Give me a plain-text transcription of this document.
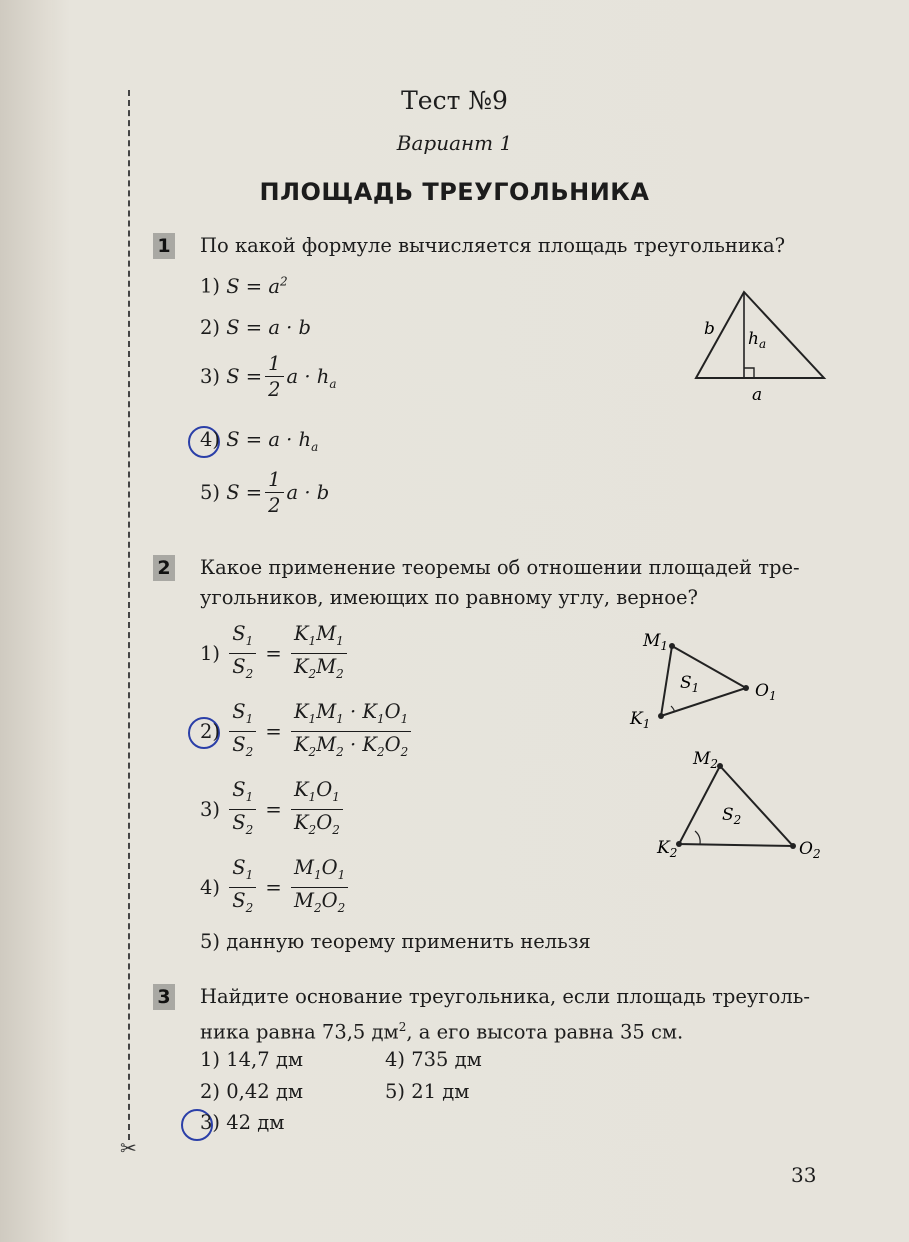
✂
Тест №9
Вариант 1
ПЛОЩАДЬ ТРЕУГОЛЬНИКА
1 По какой формуле вычисляется площадь треугольника?
1) $S = a^2$
2) S = a · b
3) $S = \frac{1}{2}$ $a \cdot h_a$
4) $S = a \cdot h_a$
5) $S = \frac{1}{2}$ a · b
b $h_a$
a
2 Какое применение теоремы об отношении площадей тре-
угольников, имеющих по равному углу, верное?
$1) \frac{S_1}{S_2} = \frac{K_1M_1}{K_2M_2}$
$2) \frac{S_1}{S_2} = \frac{K_1M_1 \cdot K_1O_1}{K_2M_2 \cdot K_2O_2}$
$3) \frac{S_1}{S_2} = \frac{K_1O_1}{K_2O_2}$
$4) \frac{S_1}{S_2} = \frac{M_1O_1}{M_2O_2}$
5) данную теорему применить нельзя
$M_1$
$S_1$	$O_1$
$K_1$
$M_2$
$S_2$
$O_2$
$K_2$
3 Найдите основание треугольника, если площадь треуголь-
ника равна 73,5 $дм^2$, а его высота равна 35 см.
1) 14,7 дм
2) 0,42 дм
3) 42 дм
4) 735 дм
5) 21 дм
33
